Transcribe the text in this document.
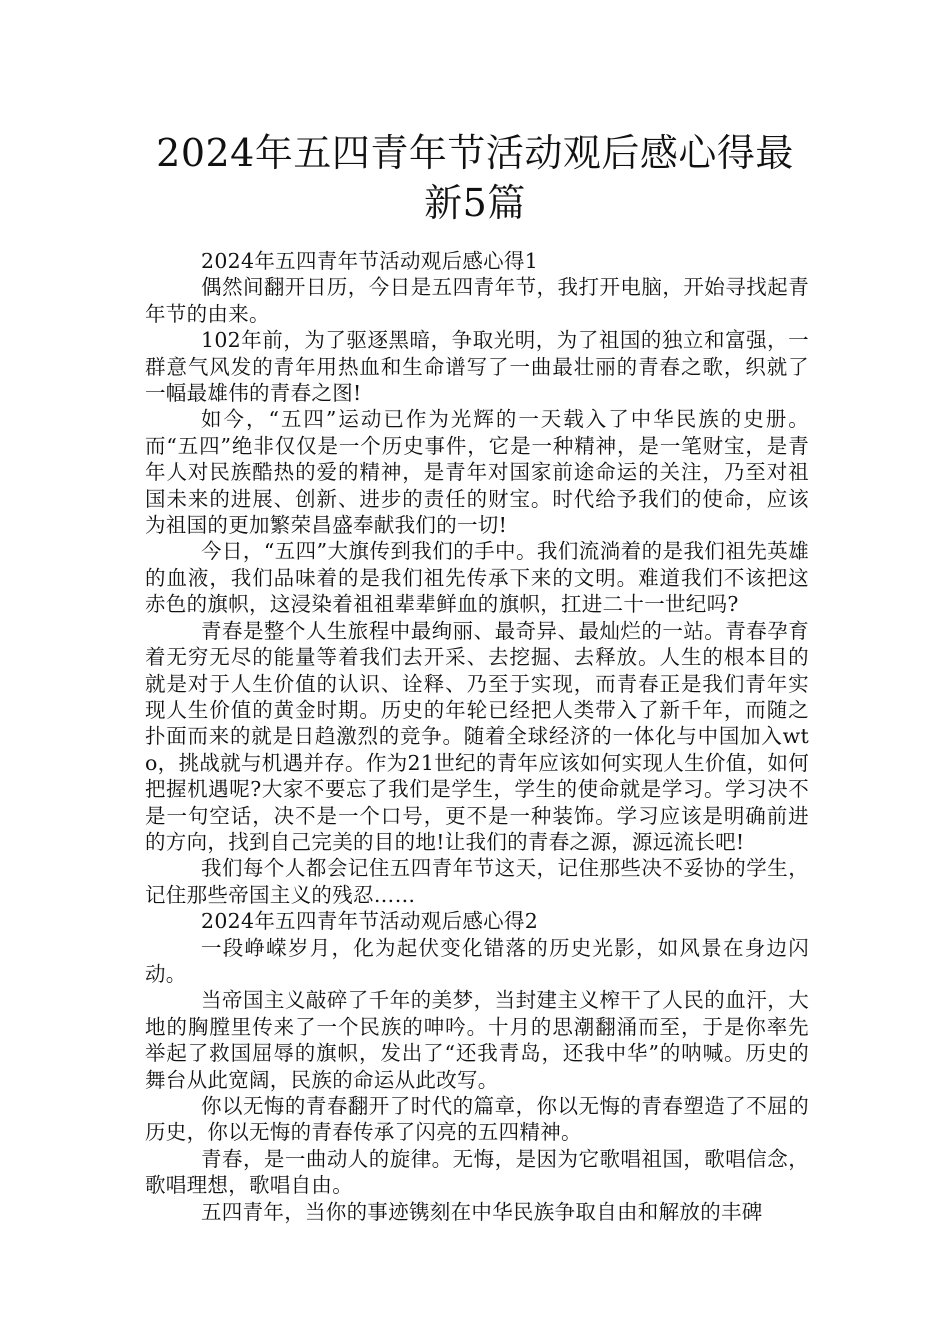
2024年五四青年节活动观后感心得最新5篇

2024年五四青年节活动观后感心得1

偶然间翻开日历，今日是五四青年节，我打开电脑，开始寻找起青年节的由来。

102年前，为了驱逐黑暗，争取光明，为了祖国的独立和富强，一群意气风发的青年用热血和生命谱写了一曲最壮丽的青春之歌，织就了一幅最雄伟的青春之图!

如今，“五四”运动已作为光辉的一天载入了中华民族的史册。而“五四”绝非仅仅是一个历史事件，它是一种精神，是一笔财宝，是青年人对民族酷热的爱的精神，是青年对国家前途命运的关注，乃至对祖国未来的进展、创新、进步的责任的财宝。时代给予我们的使命，应该为祖国的更加繁荣昌盛奉献我们的一切!

今日，“五四”大旗传到我们的手中。我们流淌着的是我们祖先英雄的血液，我们品味着的是我们祖先传承下来的文明。难道我们不该把这赤色的旗帜，这浸染着祖祖辈辈鲜血的旗帜，扛进二十一世纪吗?

青春是整个人生旅程中最绚丽、最奇异、最灿烂的一站。青春孕育着无穷无尽的能量等着我们去开采、去挖掘、去释放。人生的根本目的就是对于人生价值的认识、诠释、乃至于实现，而青春正是我们青年实现人生价值的黄金时期。历史的年轮已经把人类带入了新千年，而随之扑面而来的就是日趋激烈的竞争。随着全球经济的一体化与中国加入wto，挑战就与机遇并存。作为21世纪的青年应该如何实现人生价值，如何把握机遇呢?大家不要忘了我们是学生，学生的使命就是学习。学习决不是一句空话，决不是一个口号，更不是一种装饰。学习应该是明确前进的方向，找到自己完美的目的地!让我们的青春之源，源远流长吧!

我们每个人都会记住五四青年节这天，记住那些决不妥协的学生，记住那些帝国主义的残忍……

2024年五四青年节活动观后感心得2

一段峥嵘岁月，化为起伏变化错落的历史光影，如风景在身边闪动。

当帝国主义敲碎了千年的美梦，当封建主义榨干了人民的血汗，大地的胸膛里传来了一个民族的呻吟。十月的思潮翻涌而至，于是你率先举起了救国屈辱的旗帜，发出了“还我青岛，还我中华”的呐喊。历史的舞台从此宽阔，民族的命运从此改写。

你以无悔的青春翻开了时代的篇章，你以无悔的青春塑造了不屈的历史，你以无悔的青春传承了闪亮的五四精神。

青春，是一曲动人的旋律。无悔，是因为它歌唱祖国，歌唱信念，歌唱理想，歌唱自由。

五四青年，当你的事迹镌刻在中华民族争取自由和解放的丰碑
